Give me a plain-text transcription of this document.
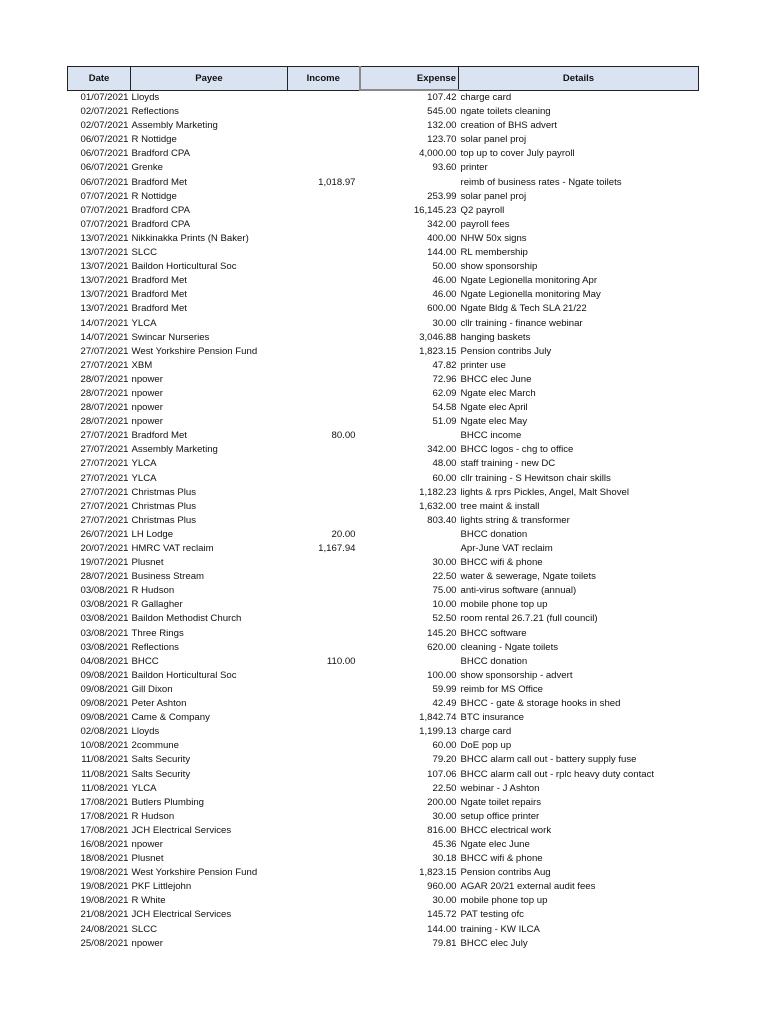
Date	Payee	Income	Expense	Details
01/07/2021	Lloyds		107.42	charge card
02/07/2021	Reflections		545.00	ngate toilets cleaning
02/07/2021	Assembly Marketing		132.00	creation of BHS advert
06/07/2021	R Nottidge		123.70	solar panel proj
06/07/2021	Bradford CPA		4,000.00	top up to cover July payroll
06/07/2021	Grenke		93.60	printer
06/07/2021	Bradford Met	1,018.97		reimb of business rates - Ngate toilets
07/07/2021	R Nottidge		253.99	solar panel proj
07/07/2021	Bradford CPA		16,145.23	Q2 payroll
07/07/2021	Bradford CPA		342.00	payroll fees
13/07/2021	Nikkinakka Prints (N Baker)		400.00	NHW 50x signs
13/07/2021	SLCC		144.00	RL membership
13/07/2021	Baildon Horticultural Soc		50.00	show sponsorship
13/07/2021	Bradford Met		46.00	Ngate Legionella monitoring Apr
13/07/2021	Bradford Met		46.00	Ngate Legionella monitoring May
13/07/2021	Bradford Met		600.00	Ngate Bldg & Tech SLA 21/22
14/07/2021	YLCA		30.00	cllr training - finance webinar
14/07/2021	Swincar Nurseries		3,046.88	hanging baskets
27/07/2021	West Yorkshire Pension Fund		1,823.15	Pension contribs July
27/07/2021	XBM		47.82	printer use
28/07/2021	npower		72.96	BHCC elec June
28/07/2021	npower		62.09	Ngate elec March
28/07/2021	npower		54.58	Ngate elec April
28/07/2021	npower		51.09	Ngate elec May
27/07/2021	Bradford Met	80.00		BHCC income
27/07/2021	Assembly Marketing		342.00	BHCC logos - chg to office
27/07/2021	YLCA		48.00	staff training - new DC
27/07/2021	YLCA		60.00	cllr training - S Hewitson chair skills
27/07/2021	Christmas Plus		1,182.23	lights & rprs Pickles, Angel, Malt Shovel
27/07/2021	Christmas Plus		1,632.00	tree maint & install
27/07/2021	Christmas Plus		803.40	lights string & transformer
26/07/2021	LH Lodge	20.00		BHCC donation
20/07/2021	HMRC VAT reclaim	1,167.94		Apr-June VAT reclaim
19/07/2021	Plusnet		30.00	BHCC wifi & phone
28/07/2021	Business Stream		22.50	water & sewerage, Ngate toilets
03/08/2021	R Hudson		75.00	anti-virus software (annual)
03/08/2021	R Gallagher		10.00	mobile phone top up
03/08/2021	Baildon Methodist Church		52.50	room rental 26.7.21 (full council)
03/08/2021	Three Rings		145.20	BHCC software
03/08/2021	Reflections		620.00	cleaning - Ngate toilets
04/08/2021	BHCC	110.00		BHCC donation
09/08/2021	Baildon Horticultural Soc		100.00	show sponsorship - advert
09/08/2021	Gill Dixon		59.99	reimb for MS Office
09/08/2021	Peter Ashton		42.49	BHCC - gate & storage hooks in shed
09/08/2021	Came & Company		1,842.74	BTC insurance
02/08/2021	Lloyds		1,199.13	charge card
10/08/2021	2commune		60.00	DoE pop up
11/08/2021	Salts Security		79.20	BHCC alarm call out - battery supply fuse
11/08/2021	Salts Security		107.06	BHCC alarm call out - rplc heavy duty contact
11/08/2021	YLCA		22.50	webinar - J Ashton
17/08/2021	Butlers Plumbing		200.00	Ngate toilet repairs
17/08/2021	R Hudson		30.00	setup office printer
17/08/2021	JCH Electrical Services		816.00	BHCC electrical work
16/08/2021	npower		45.36	Ngate elec June
18/08/2021	Plusnet		30.18	BHCC wifi & phone
19/08/2021	West Yorkshire Pension Fund		1,823.15	Pension contribs Aug
19/08/2021	PKF Littlejohn		960.00	AGAR 20/21 external audit fees
19/08/2021	R White		30.00	mobile phone top up
21/08/2021	JCH Electrical Services		145.72	PAT testing ofc
24/08/2021	SLCC		144.00	training - KW ILCA
25/08/2021	npower		79.81	BHCC elec July
